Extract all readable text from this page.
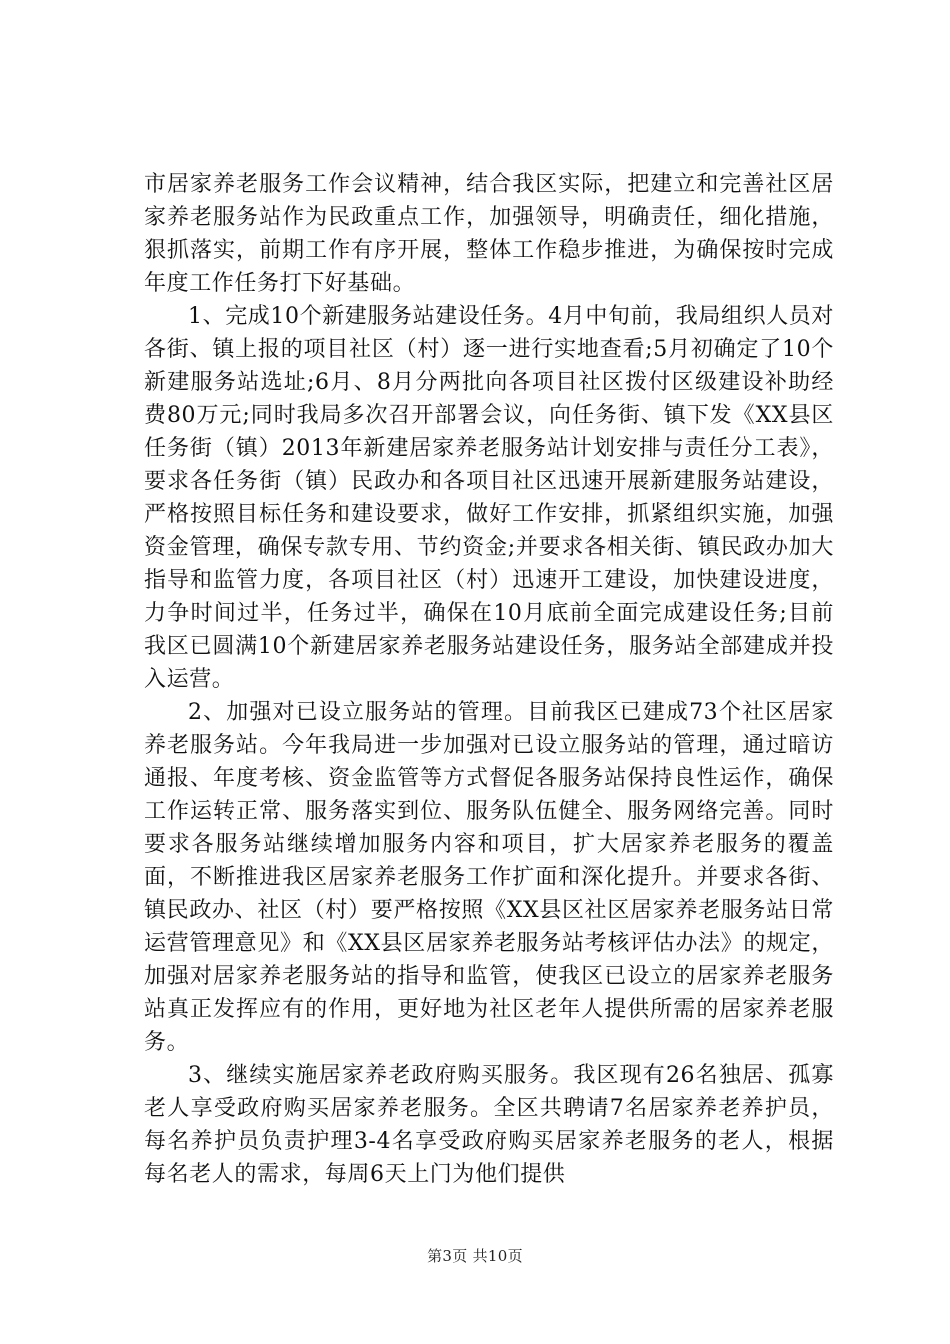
市居家养老服务工作会议精神，结合我区实际，把建立和完善社区居家养老服务站作为民政重点工作，加强领导，明确责任，细化措施，狠抓落实，前期工作有序开展，整体工作稳步推进，为确保按时完成年度工作任务打下好基础。

1、完成10个新建服务站建设任务。4月中旬前，我局组织人员对各街、镇上报的项目社区（村）逐一进行实地查看;5月初确定了10个新建服务站选址;6月、8月分两批向各项目社区拨付区级建设补助经费80万元;同时我局多次召开部署会议，向任务街、镇下发《XX县区任务街（镇）2013年新建居家养老服务站计划安排与责任分工表》，要求各任务街（镇）民政办和各项目社区迅速开展新建服务站建设，严格按照目标任务和建设要求，做好工作安排，抓紧组织实施，加强资金管理，确保专款专用、节约资金;并要求各相关街、镇民政办加大指导和监管力度，各项目社区（村）迅速开工建设，加快建设进度，力争时间过半，任务过半，确保在10月底前全面完成建设任务;目前我区已圆满10个新建居家养老服务站建设任务，服务站全部建成并投入运营。

2、加强对已设立服务站的管理。目前我区已建成73个社区居家养老服务站。今年我局进一步加强对已设立服务站的管理，通过暗访通报、年度考核、资金监管等方式督促各服务站保持良性运作，确保工作运转正常、服务落实到位、服务队伍健全、服务网络完善。同时要求各服务站继续增加服务内容和项目，扩大居家养老服务的覆盖面，不断推进我区居家养老服务工作扩面和深化提升。并要求各街、镇民政办、社区（村）要严格按照《XX县区社区居家养老服务站日常运营管理意见》和《XX县区居家养老服务站考核评估办法》的规定，加强对居家养老服务站的指导和监管，使我区已设立的居家养老服务站真正发挥应有的作用，更好地为社区老年人提供所需的居家养老服务。

3、继续实施居家养老政府购买服务。我区现有26名独居、孤寡老人享受政府购买居家养老服务。全区共聘请7名居家养老养护员，每名养护员负责护理3-4名享受政府购买居家养老服务的老人，根据每名老人的需求，每周6天上门为他们提供

第3页 共10页
